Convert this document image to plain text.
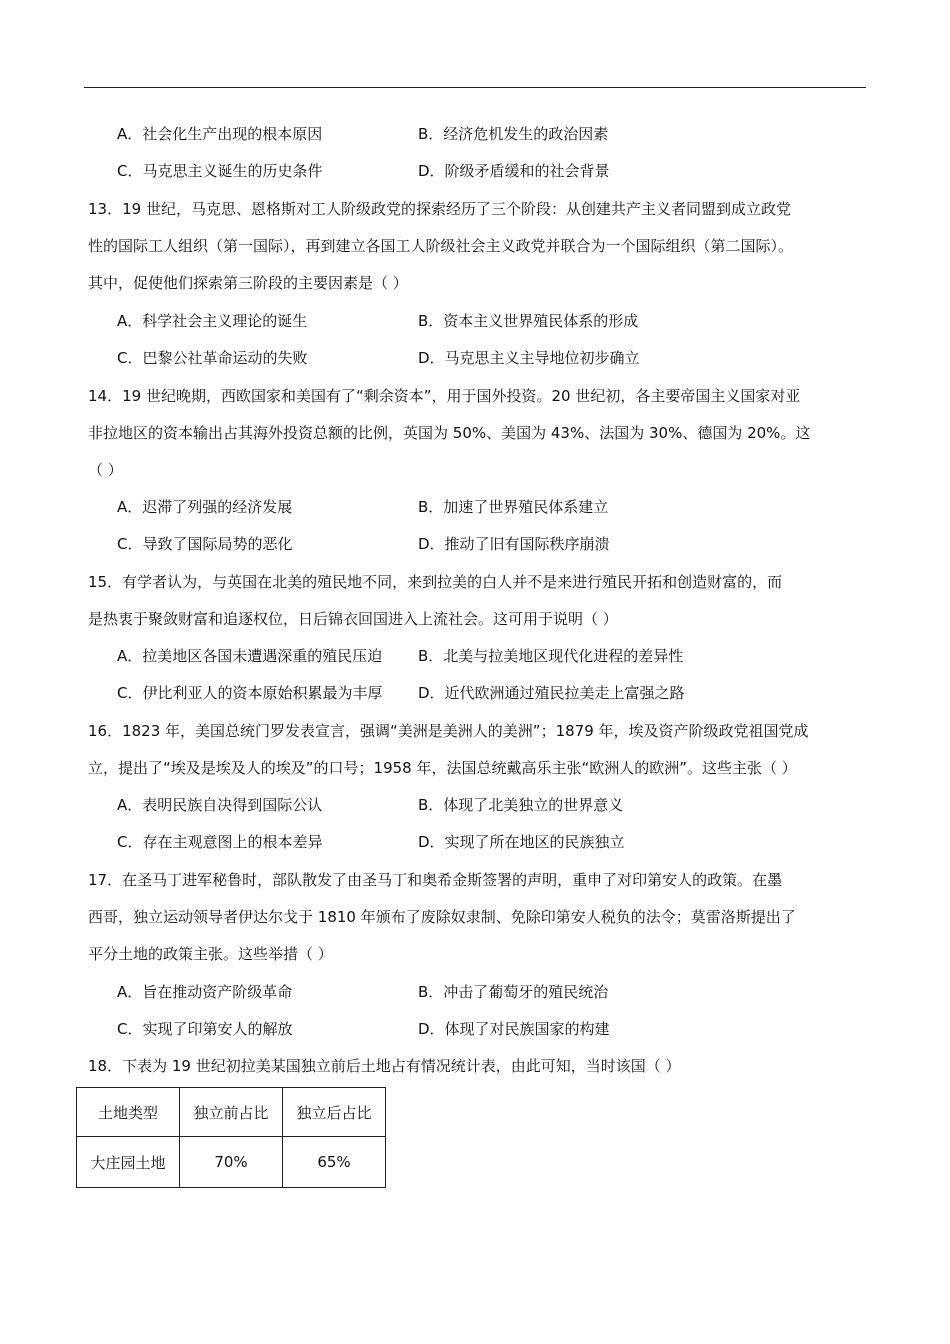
A．社会化生产出现的根本原因	B．经济危机发生的政治因素
C．马克思主义诞生的历史条件	D．阶级矛盾缓和的社会背景
13．19 世纪，马克思、恩格斯对工人阶级政党的探索经历了三个阶段：从创建共产主义者同盟到成立政党
性的国际工人组织（第一国际），再到建立各国工人阶级社会主义政党并联合为一个国际组织（第二国际）。
其中，促使他们探索第三阶段的主要因素是（ ）
A．科学社会主义理论的诞生	B．资本主义世界殖民体系的形成
C．巴黎公社革命运动的失败	D．马克思主义主导地位初步确立
14．19 世纪晚期，西欧国家和美国有了“剩余资本”，用于国外投资。20 世纪初，各主要帝国主义国家对亚
非拉地区的资本输出占其海外投资总额的比例，英国为 50%、美国为 43%、法国为 30%、德国为 20%。这
（ ）
A．迟滞了列强的经济发展	B．加速了世界殖民体系建立
C．导致了国际局势的恶化	D．推动了旧有国际秩序崩溃
15．有学者认为，与英国在北美的殖民地不同，来到拉美的白人并不是来进行殖民开拓和创造财富的，而
是热衷于聚敛财富和追逐权位，日后锦衣回国进入上流社会。这可用于说明（ ）
A．拉美地区各国未遭遇深重的殖民压迫 B．北美与拉美地区现代化进程的差异性
C．伊比利亚人的资本原始积累最为丰厚 D．近代欧洲通过殖民拉美走上富强之路
16．1823 年，美国总统门罗发表宣言，强调“美洲是美洲人的美洲”；1879 年，埃及资产阶级政党祖国党成
立，提出了“埃及是埃及人的埃及”的口号；1958 年，法国总统戴高乐主张“欧洲人的欧洲”。这些主张（ ）
A．表明民族自决得到国际公认	B．体现了北美独立的世界意义
C．存在主观意图上的根本差异	D．实现了所在地区的民族独立
17．在圣马丁进军秘鲁时，部队散发了由圣马丁和奥希金斯签署的声明，重申了对印第安人的政策。在墨
西哥，独立运动领导者伊达尔戈于 1810 年颁布了废除奴隶制、免除印第安人税负的法令；莫雷洛斯提出了
平分土地的政策主张。这些举措（ ）
A．旨在推动资产阶级革命	B．冲击了葡萄牙的殖民统治
C．实现了印第安人的解放	D．体现了对民族国家的构建
18．下表为 19 世纪初拉美某国独立前后土地占有情况统计表，由此可知，当时该国（ ）
土地类型	独立前占比	独立后占比
大庄园土地	70%	65%
